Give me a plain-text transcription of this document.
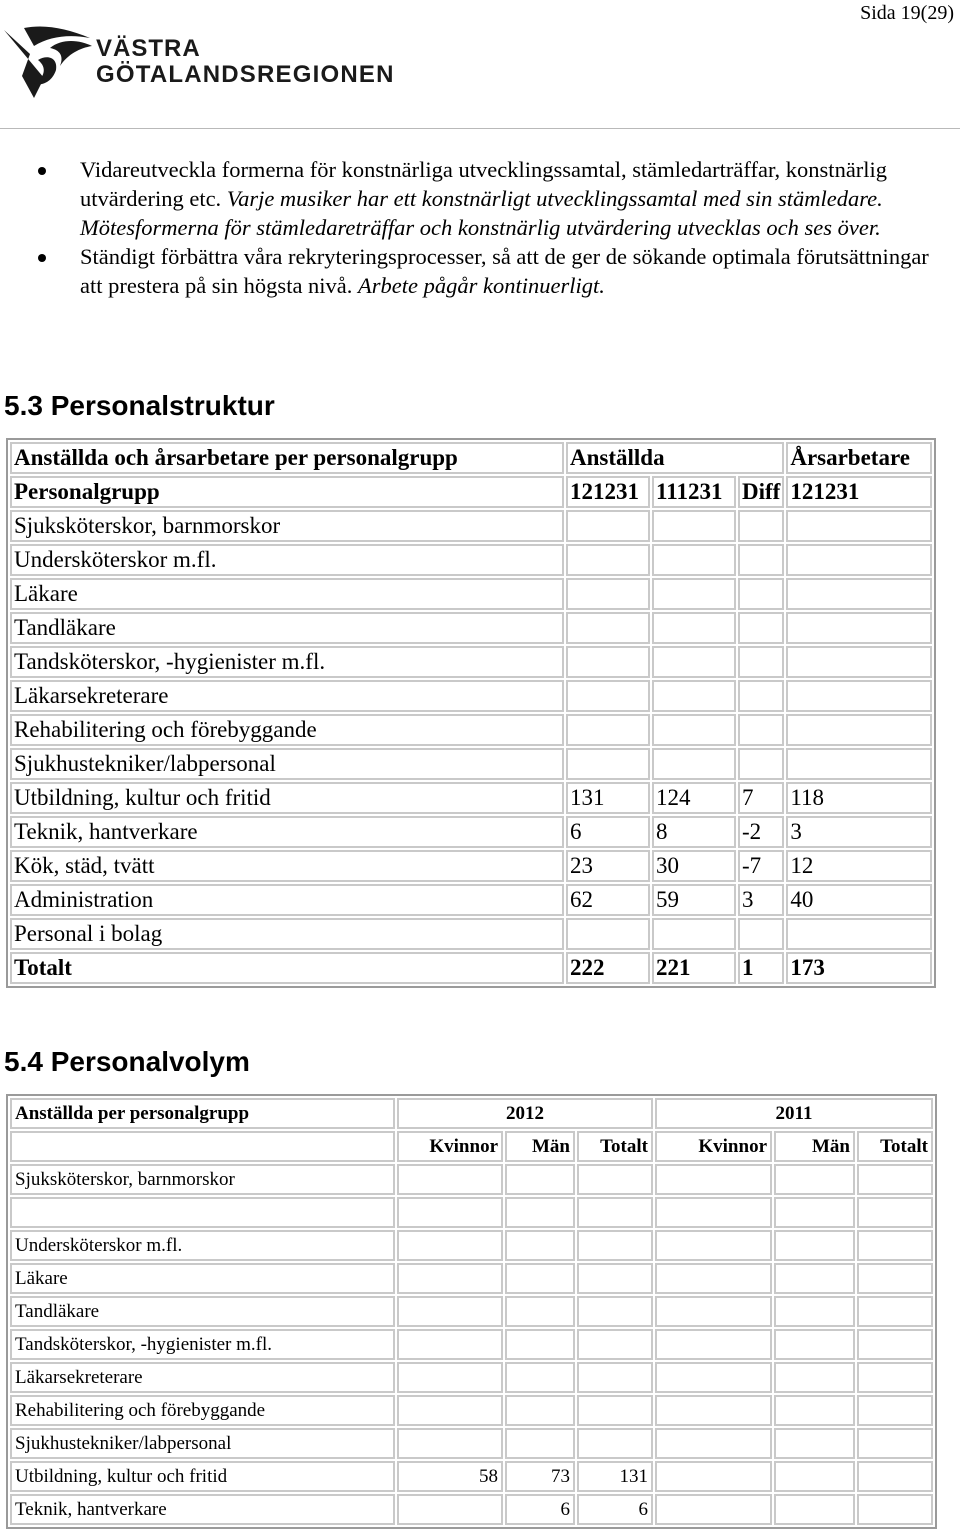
Sida 19(29)
VÄSTRA
GÖTALANDSREGIONEN
Vidareutveckla formerna för konstnärliga utvecklingssamtal, stämledarträffar, konstnärlig utvärdering etc. Varje musiker har ett konstnärligt utvecklingssamtal med sin stämledare. Mötesformerna för stämledareträffar och konstnärlig utvärdering utvecklas och ses över.
Ständigt förbättra våra rekryteringsprocesser, så att de ger de sökande optimala förutsättningar att prestera på sin högsta nivå. Arbete pågår kontinuerligt.
5.3 Personalstruktur
Anställda och årsarbetare per personalgrupp	Anställda			Årsarbetare
Personalgrupp	121231	111231	Diff	121231
Sjuksköterskor, barnmorskor				
Undersköterskor m.fl.				
Läkare				
Tandläkare				
Tandsköterskor, -hygienister m.fl.				
Läkarsekreterare				
Rehabilitering och förebyggande				
Sjukhustekniker/labpersonal				
Utbildning, kultur och fritid	131	124	7	118
Teknik, hantverkare	6	8	-2	3
Kök, städ, tvätt	23	30	-7	12
Administration	62	59	3	40
Personal i bolag				
Totalt	222	221	1	173
5.4 Personalvolym
Anställda per personalgrupp	2012			2011		
	Kvinnor	Män	Totalt	Kvinnor	Män	Totalt
Sjuksköterskor, barnmorskor						

Undersköterskor m.fl.						
Läkare						
Tandläkare						
Tandsköterskor, -hygienister m.fl.						
Läkarsekreterare						
Rehabilitering och förebyggande						
Sjukhustekniker/labpersonal						
Utbildning, kultur och fritid	58	73	131			
Teknik, hantverkare		6	6			
